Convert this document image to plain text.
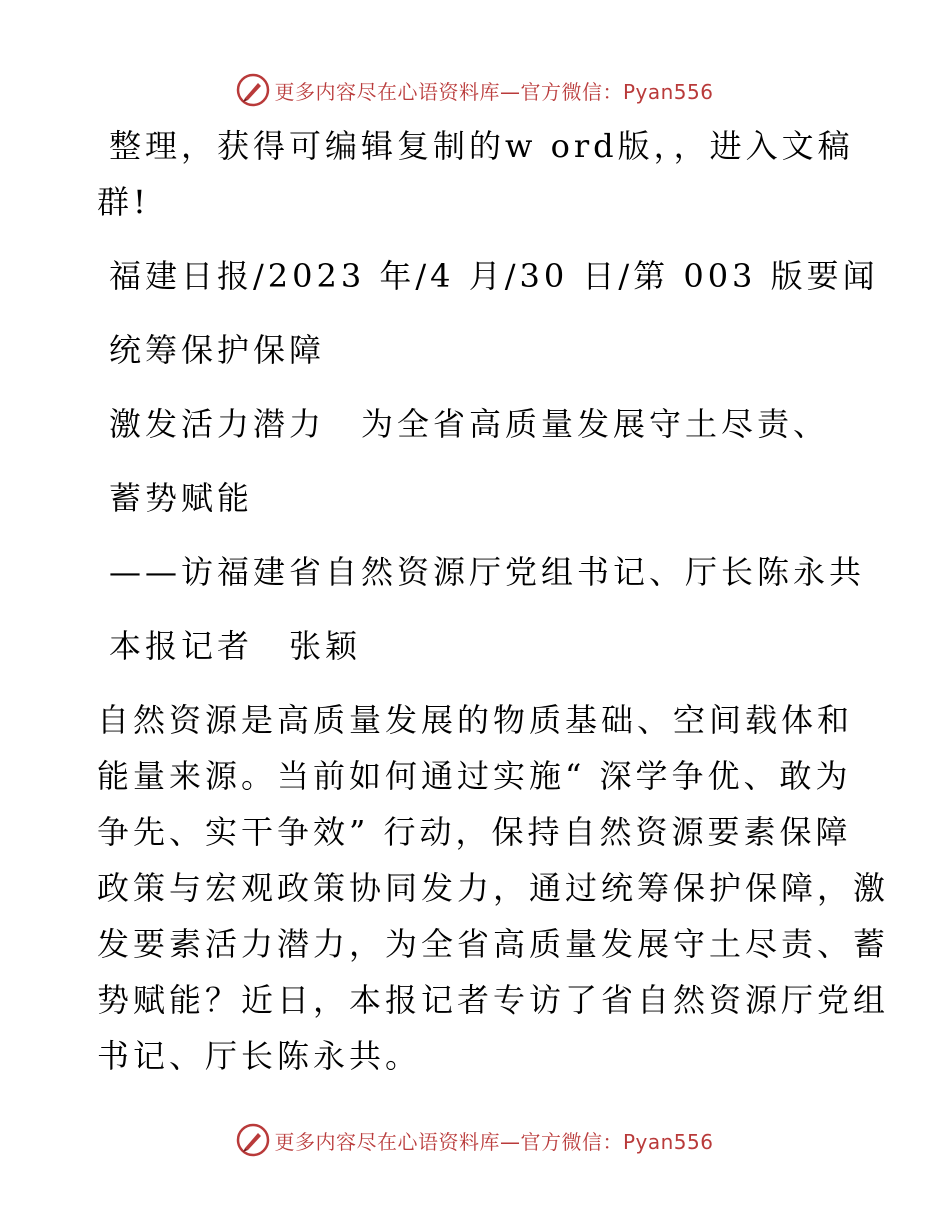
更多内容尽在心语资料库—官方微信：Pyan556
整理，获得可编辑复制的w ord版，，进入文稿
群!
福建日报/2023 年/4 月/30 日/第 003 版要闻
统筹保护保障
激发活力潜力　为全省高质量发展守土尽责、
蓄势赋能
——访福建省自然资源厅党组书记、厅长陈永共
本报记者　张颖
自然资源是高质量发展的物质基础、空间载体和
能量来源。当前如何通过实施“ 深学争优、敢为
争先、实干争效” 行动，保持自然资源要素保障
政策与宏观政策协同发力，通过统筹保护保障，激
发要素活力潜力，为全省高质量发展守土尽责、蓄
势赋能？近日，本报记者专访了省自然资源厅党组
书记、厅长陈永共。
更多内容尽在心语资料库—官方微信：Pyan556
